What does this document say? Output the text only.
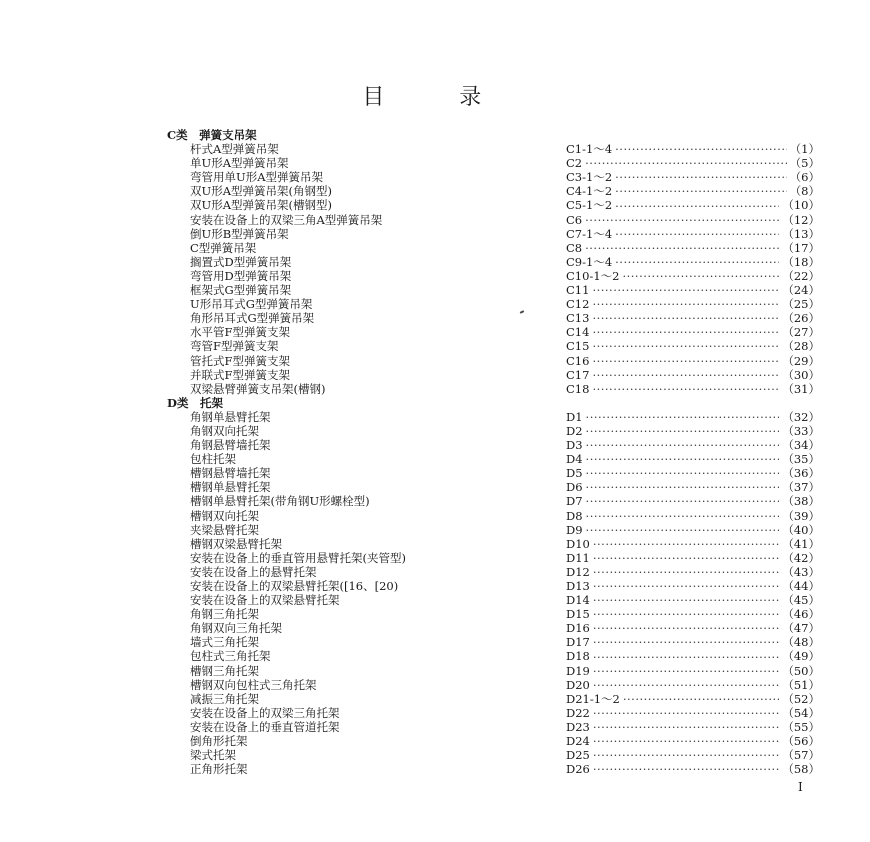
目　录
C类　弹簧支吊架
杆式A型弹簧吊架	C1-1～4 ·····	（1）
单U形A型弹簧吊架	C2 ·····	（5）
弯管用单U形A型弹簧吊架	C3-1～2 ·····	（6）
双U形A型弹簧吊架(角钢型)	C4-1～2 ·····	（8）
双U形A型弹簧吊架(槽钢型)	C5-1～2 ·····	（10）
安装在设备上的双梁三角A型弹簧吊架	C6 ·····	（12）
倒U形B型弹簧吊架	C7-1～4 ·····	（13）
C型弹簧吊架	C8 ·····	（17）
搁置式D型弹簧吊架	C9-1～4 ·····	（18）
弯管用D型弹簧吊架	C10-1～2 ·····	（22）
框架式G型弹簧吊架	C11 ·····	（24）
U形吊耳式G型弹簧吊架	C12 ·····	（25）
角形吊耳式G型弹簧吊架	C13 ·····	（26）
水平管F型弹簧支架	C14 ·····	（27）
弯管F型弹簧支架	C15 ·····	（28）
管托式F型弹簧支架	C16 ·····	（29）
并联式F型弹簧支架	C17 ·····	（30）
双梁悬臂弹簧支吊架(槽钢)	C18 ·····	（31）
D类　托架
角钢单悬臂托架	D1 ·····	（32）
角钢双向托架	D2 ·····	（33）
角钢悬臂墙托架	D3 ·····	（34）
包柱托架	D4 ·····	（35）
槽钢悬臂墙托架	D5 ·····	（36）
槽钢单悬臂托架	D6 ·····	（37）
槽钢单悬臂托架(带角钢U形螺栓型)	D7 ·····	（38）
槽钢双向托架	D8 ·····	（39）
夹梁悬臂托架	D9 ·····	（40）
槽钢双梁悬臂托架	D10 ·····	（41）
安装在设备上的垂直管用悬臂托架(夹管型)	D11 ·····	（42）
安装在设备上的悬臂托架	D12 ·····	（43）
安装在设备上的双梁悬臂托架([16、[20)	D13 ·····	（44）
安装在设备上的双梁悬臂托架	D14 ·····	（45）
角钢三角托架	D15 ·····	（46）
角钢双向三角托架	D16 ·····	（47）
墙式三角托架	D17 ·····	（48）
包柱式三角托架	D18 ·····	（49）
槽钢三角托架	D19 ·····	（50）
槽钢双向包柱式三角托架	D20 ·····	（51）
减振三角托架	D21-1～2 ·····	（52）
安装在设备上的双梁三角托架	D22 ·····	（54）
安装在设备上的垂直管道托架	D23 ·····	（55）
倒角形托架	D24 ·····	（56）
梁式托架	D25 ·····	（57）
正角形托架	D26 ·····	（58）
I
